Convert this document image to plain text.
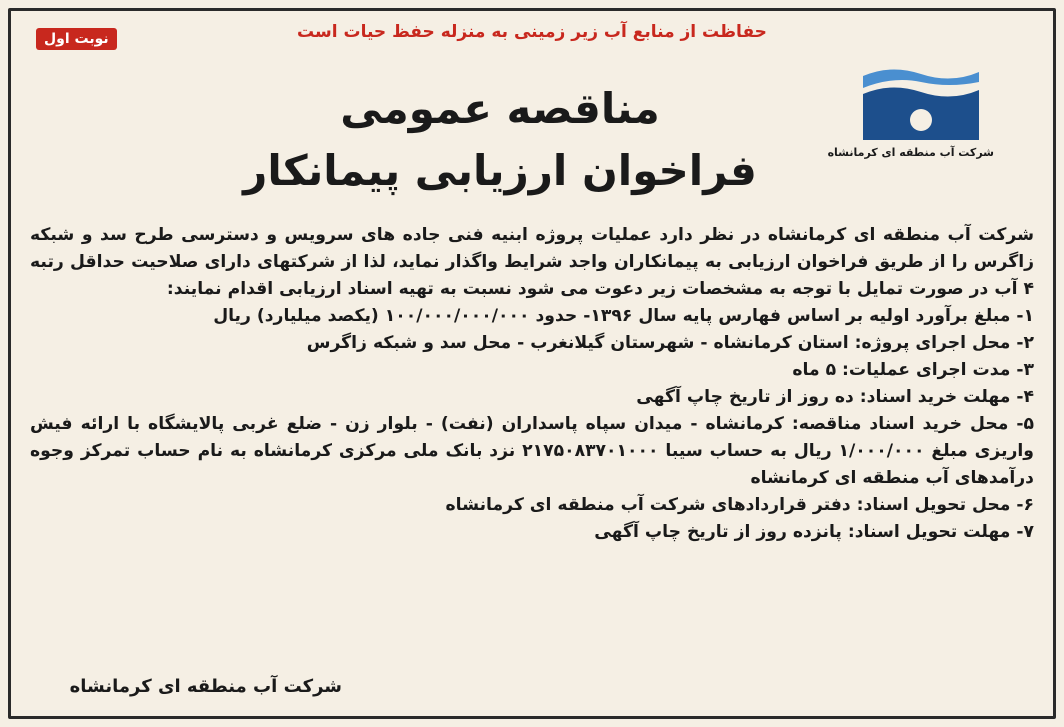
حفاظت از منابع آب زیر زمینی به منزله حفظ حیات است
نوبت اول
شرکت آب منطقه ای کرمانشاه
مناقصه عمومی
فراخوان ارزیابی پیمانکار

شرکت آب منطقه ای کرمانشاه در نظر دارد عملیات پروژه ابنیه فنی جاده های سرویس و دسترسی طرح سد و شبکه زاگرس را از طریق فراخوان ارزیابی به پیمانکاران واجد شرایط واگذار نماید، لذا از شرکتهای دارای صلاحیت حداقل رتبه ۴ آب در صورت تمایل با توجه به مشخصات زیر دعوت می شود نسبت به تهیه اسناد ارزیابی اقدام نمایند:

۱- مبلغ برآورد اولیه بر اساس فهارس پایه سال ۱۳۹۶- حدود ۱۰۰/۰۰۰/۰۰۰/۰۰۰ (یکصد میلیارد) ریال
۲- محل اجرای پروژه: استان کرمانشاه - شهرستان گیلانغرب - محل سد و شبکه زاگرس
۳- مدت اجرای عملیات: ۵ ماه
۴- مهلت خرید اسناد: ده روز از تاریخ چاپ آگهی
۵- محل خرید اسناد مناقصه: کرمانشاه - میدان سپاه پاسداران (نفت) - بلوار زن - ضلع غربی پالایشگاه با ارائه فیش واریزی مبلغ ۱/۰۰۰/۰۰۰ ریال به حساب سیبا ۲۱۷۵۰۸۳۷۰۱۰۰۰ نزد بانک ملی مرکزی کرمانشاه به نام حساب تمرکز وجوه درآمدهای آب منطقه ای کرمانشاه
۶- محل تحویل اسناد: دفتر قراردادهای شرکت آب منطقه ای کرمانشاه
۷- مهلت تحویل اسناد: پانزده روز از تاریخ چاپ آگهی
شرکت آب منطقه ای کرمانشاه
